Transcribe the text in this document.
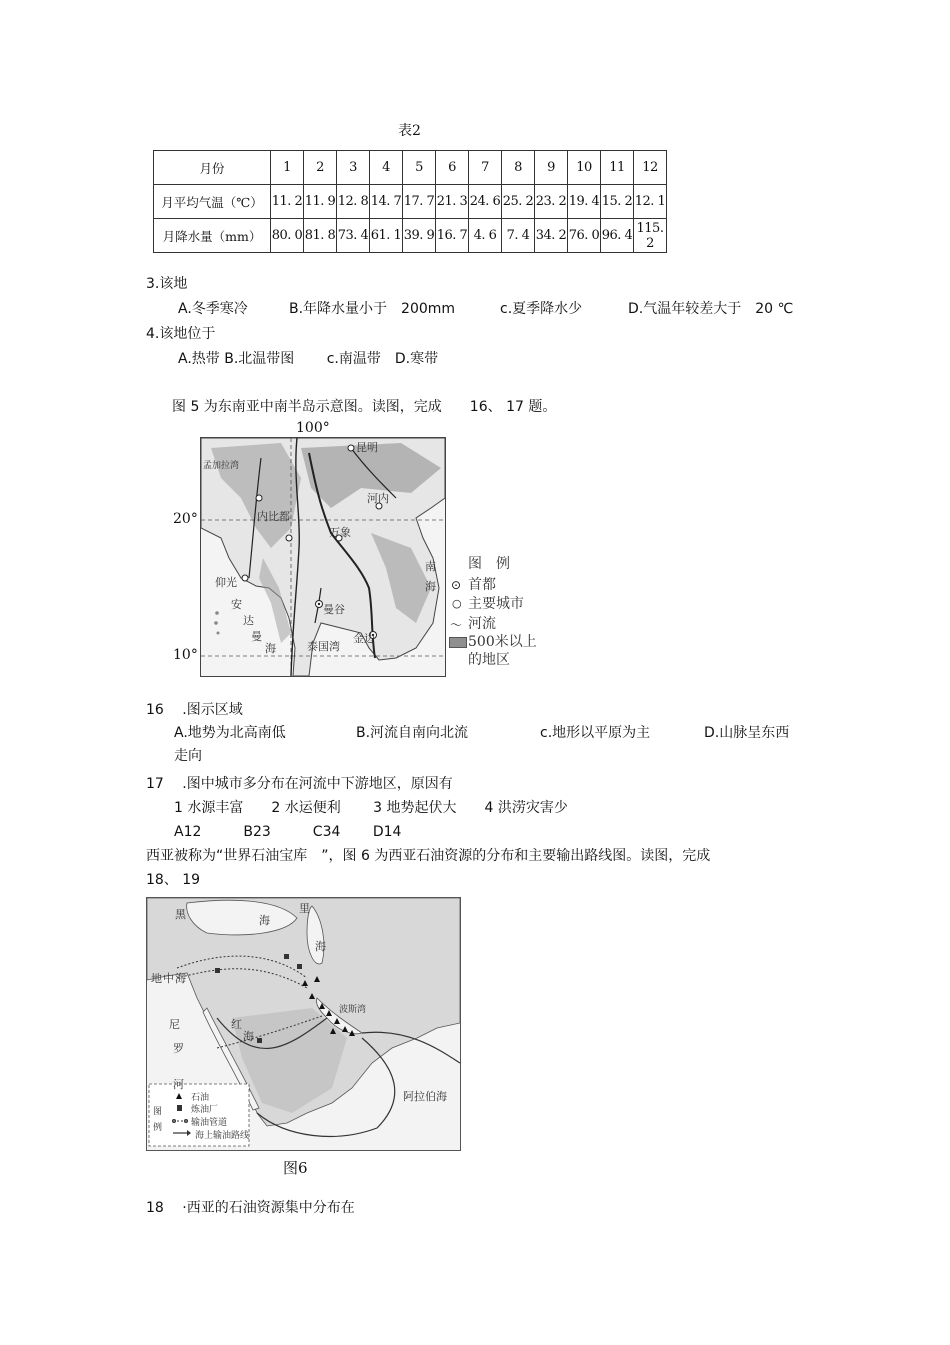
表2
月份	1	2	3	4	5	6	7	8	9	10	11	12
月平均气温（℃）	11. 2	11. 9	12. 8	14. 7	17. 7	21. 3	24. 6	25. 2	23. 2	19. 4	15. 2	12. 1
月降水量（mm）	80. 0	81. 8	73. 4	61. 1	39. 9	16. 7	4. 6	7. 4	34. 2	76. 0	96. 4	115. 2
3.该地
A.冬季寒冷	B.年降水量小于　200mm	c.夏季降水少	D.气温年较差大于　20 ℃
4.该地位于
A.热带 B.北温带图　　 c.南温带　D.寒带
图 5 为东南亚中南半岛示意图。读图，完成　　16、 17 题。
昆明
河内
内比都
万象
仰光
曼谷
金边
孟加拉湾
安
达
曼
海	泰国湾
南
海
100°
20°
10°
图　例
⊙ 首都
○ 主要城市
〜 河流
500米以上
的地区
16　 .图示区域
A.地势为北高南低	B.河流自南向北流	c.地形以平原为主	D.山脉呈东西
走向
17　 .图中城市多分布在河流中下游地区，原因有
1 水源丰富　　2 水运便利　　 3 地势起伏大　　4 洪涝灾害少
A12　　　B23　　　C34　　 D14
西亚被称为“世界石油宝库　”，图 6 为西亚石油资源的分布和主要输出路线图。读图，完成
18、 19
黑	海
里
海
地 中 海
尼
罗
河
红
海
波斯湾
阿拉伯海
图
例
石油
炼油厂
输油管道
海上输油路线
图6
18　 ·西亚的石油资源集中分布在
